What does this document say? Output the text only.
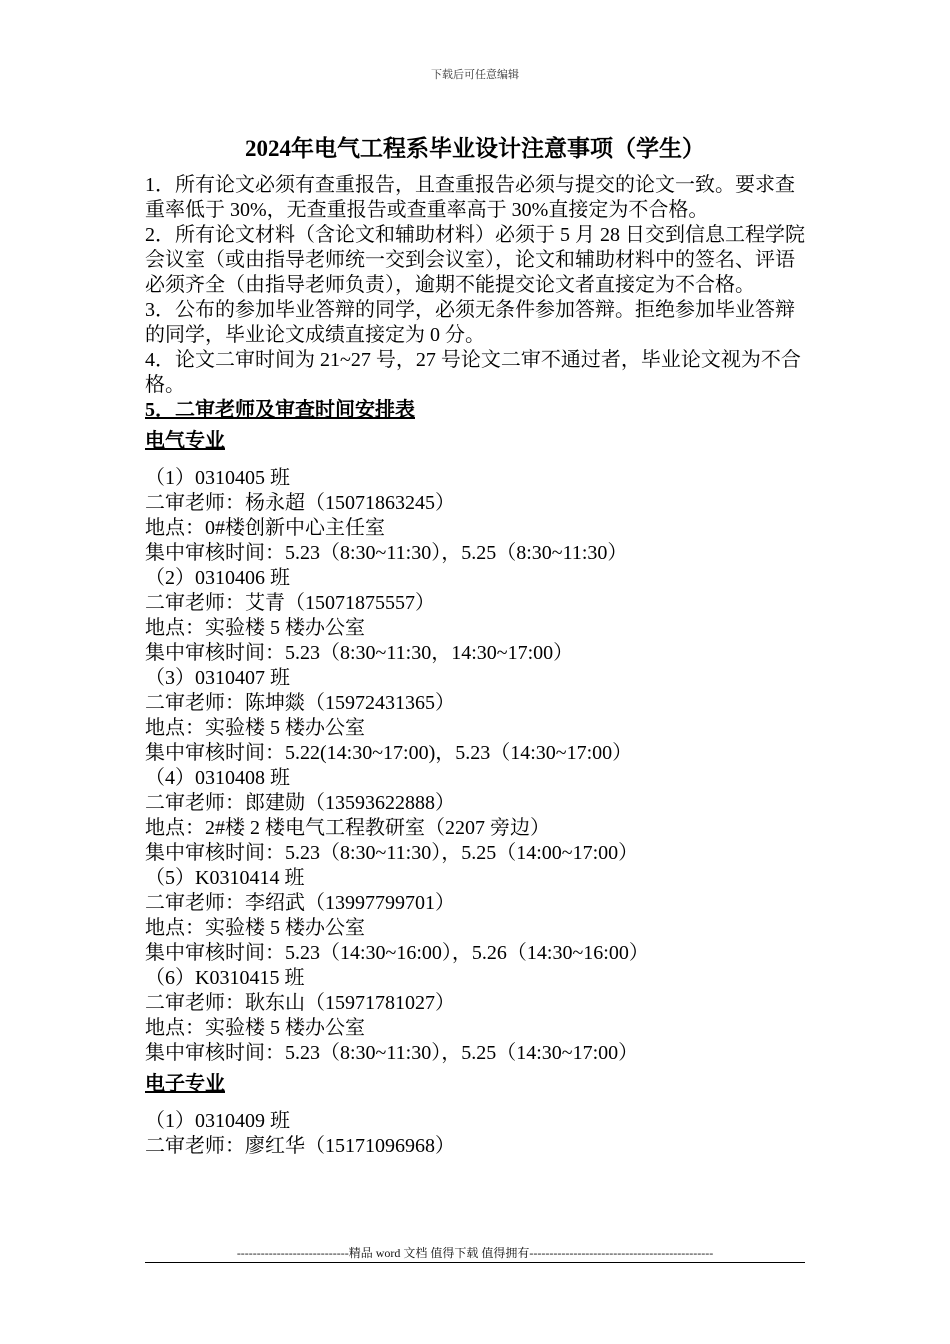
下载后可任意编辑
2024年电气工程系毕业设计注意事项（学生）

1．所有论文必须有查重报告，且查重报告必须与提交的论文一致。要求查重率低于 30%，无查重报告或查重率高于 30%直接定为不合格。

2．所有论文材料（含论文和辅助材料）必须于 5 月 28 日交到信息工程学院会议室（或由指导老师统一交到会议室），论文和辅助材料中的签名、评语必须齐全（由指导老师负责），逾期不能提交论文者直接定为不合格。

3．公布的参加毕业答辩的同学，必须无条件参加答辩。拒绝参加毕业答辩的同学，毕业论文成绩直接定为 0 分。

4．论文二审时间为 21~27 号，27 号论文二审不通过者，毕业论文视为不合格。

5．二审老师及审查时间安排表

电气专业

（1）0310405 班

二审老师：杨永超（15071863245）

地点：0#楼创新中心主任室

集中审核时间：5.23（8:30~11:30），5.25（8:30~11:30）

（2）0310406 班

二审老师：艾青（15071875557）

地点：实验楼 5 楼办公室

集中审核时间：5.23（8:30~11:30，14:30~17:00）

（3）0310407 班

二审老师：陈坤燚（15972431365）

地点：实验楼 5 楼办公室

集中审核时间：5.22(14:30~17:00)，5.23（14:30~17:00）

（4）0310408 班

二审老师：郎建勋（13593622888）

地点：2#楼 2 楼电气工程教研室（2207 旁边）

集中审核时间：5.23（8:30~11:30），5.25（14:00~17:00）

（5）K0310414 班

二审老师：李绍武（13997799701）

地点：实验楼 5 楼办公室

集中审核时间：5.23（14:30~16:00），5.26（14:30~16:00）

（6）K0310415 班

二审老师：耿东山（15971781027）

地点：实验楼 5 楼办公室

集中审核时间：5.23（8:30~11:30），5.25（14:30~17:00）

电子专业

（1）0310409 班

二审老师：廖红华（15171096968）

----------------------------精品 word 文档 值得下载 值得拥有----------------------------------------------
